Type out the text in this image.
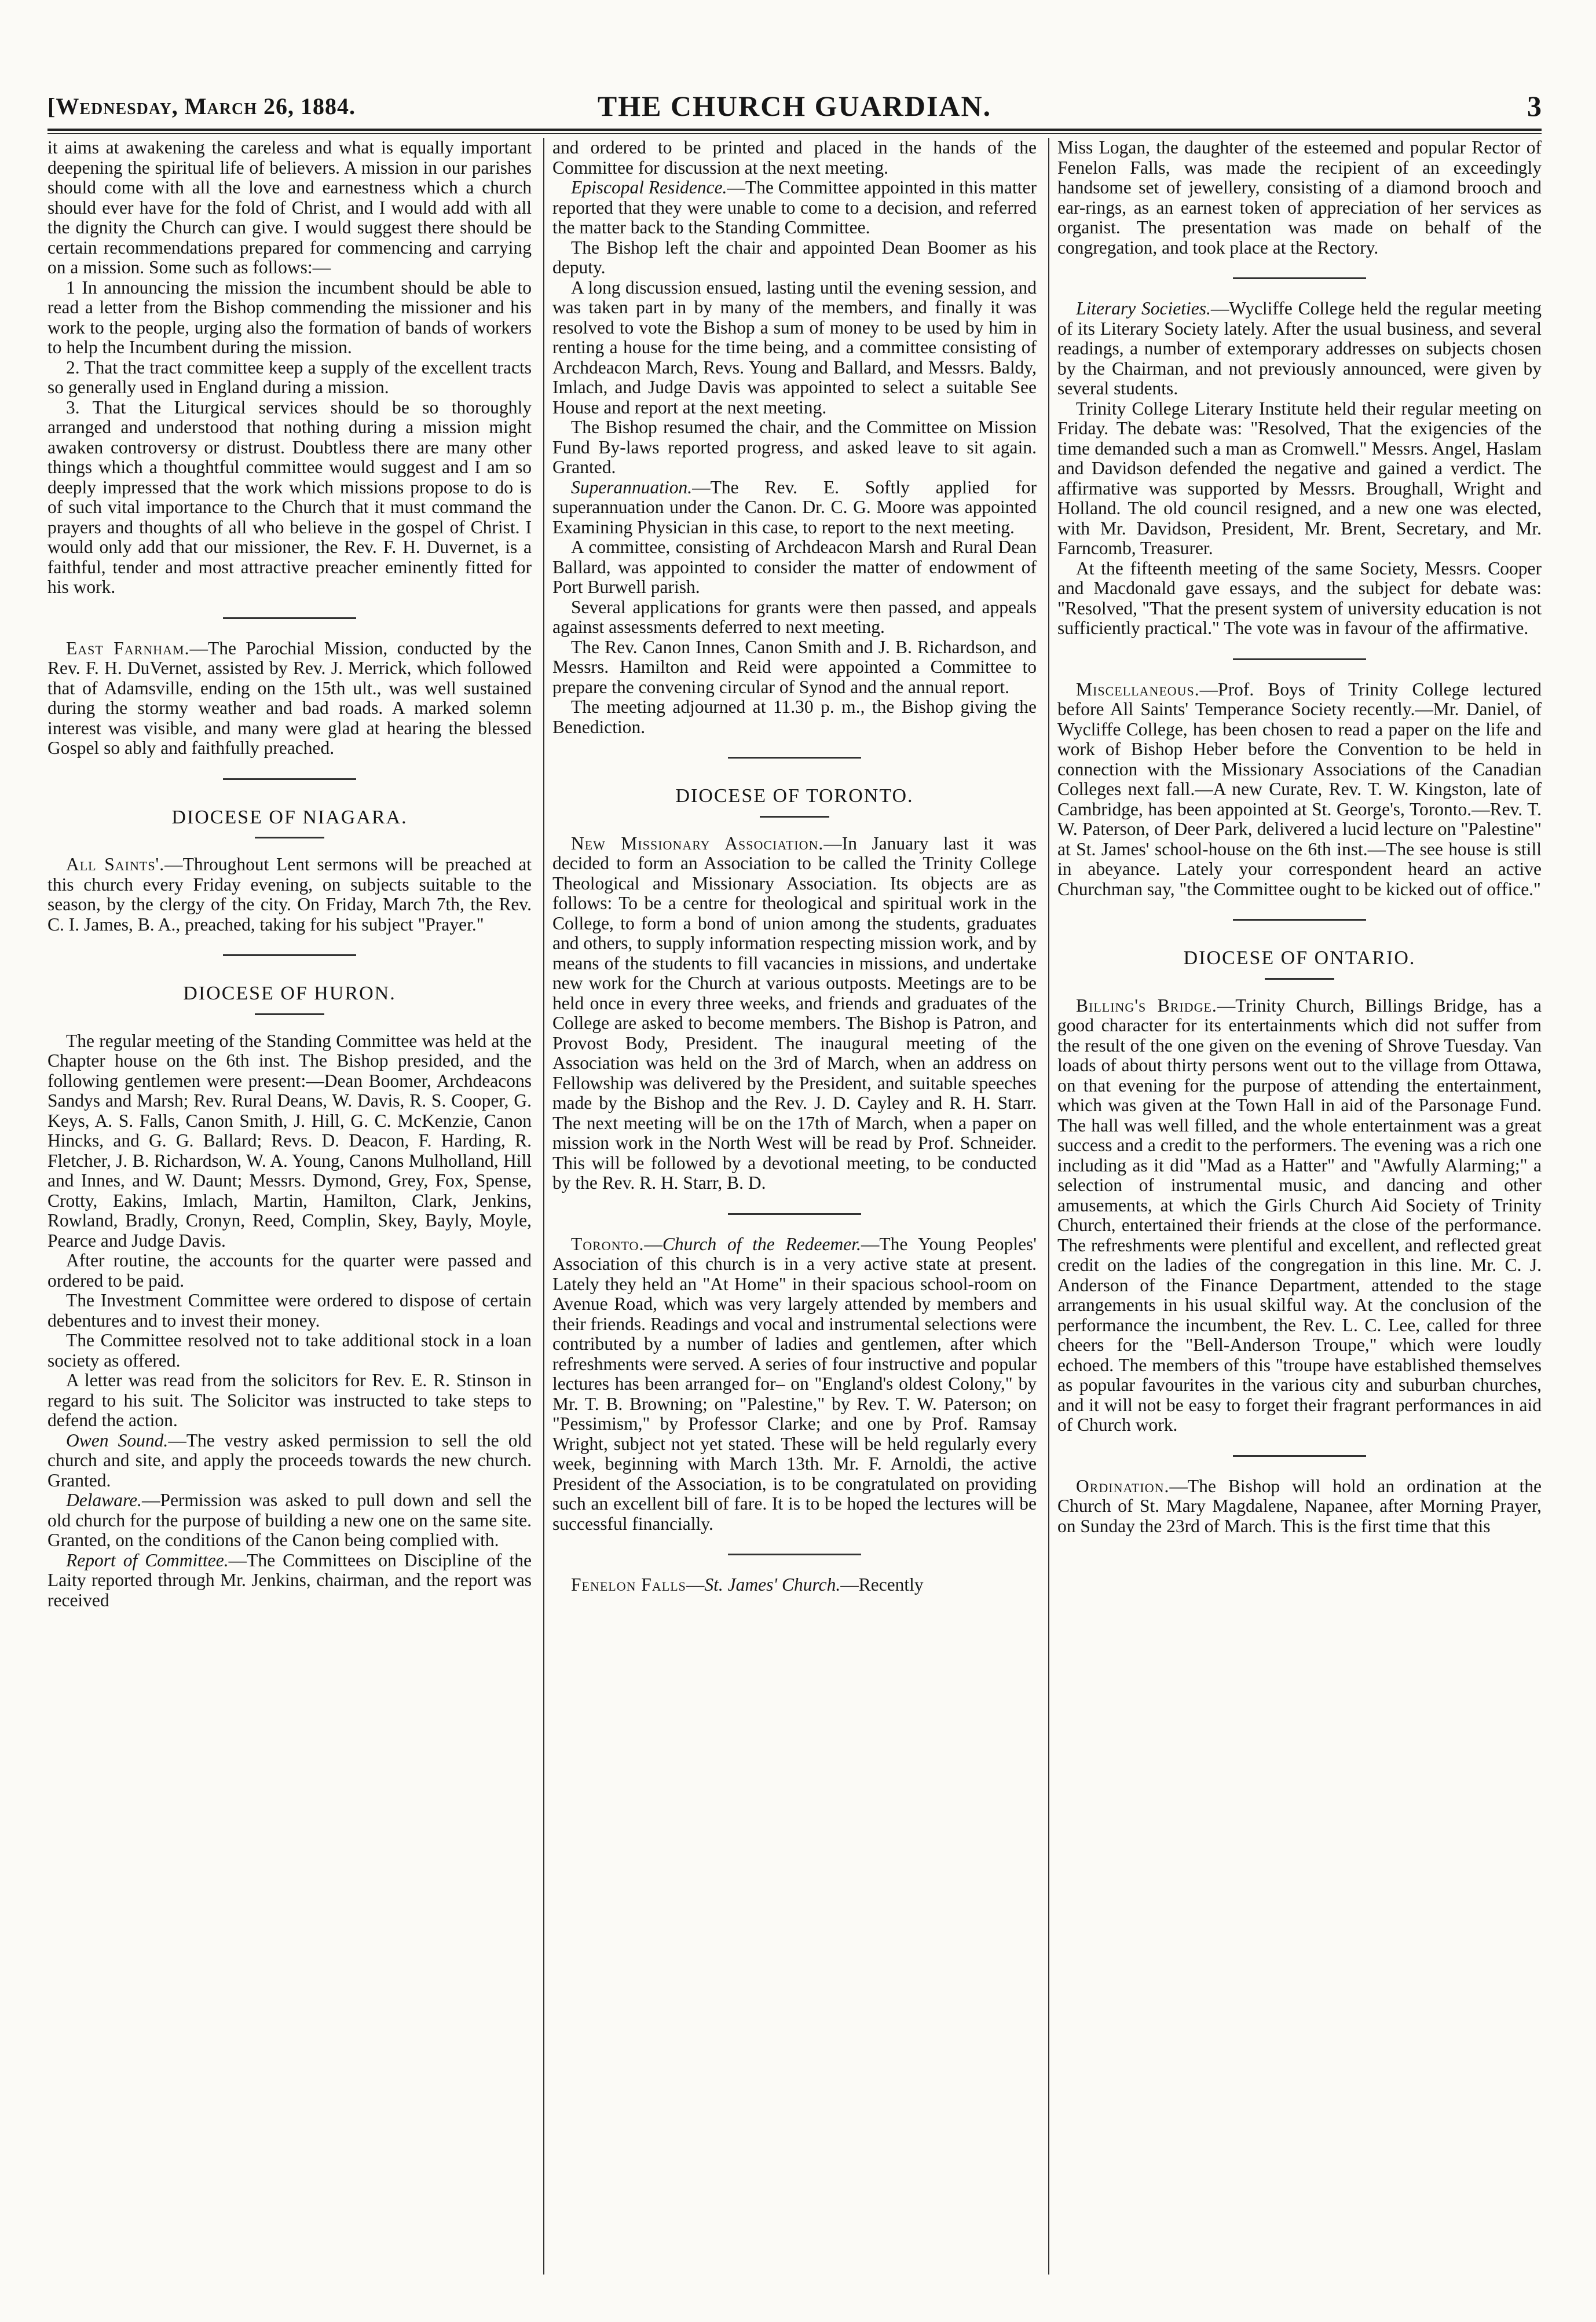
[Wednesday, March 26, 1884.	THE CHURCH GUARDIAN.	3

it aims at awakening the careless and what is equally important deepening the spiritual life of believers. A mission in our parishes should come with all the love and earnestness which a church should ever have for the fold of Christ, and I would add with all the dignity the Church can give. I would suggest there should be certain recommendations prepared for commencing and carrying on a mission. Some such as follows:—

1 In announcing the mission the incumbent should be able to read a letter from the Bishop commending the missioner and his work to the people, urging also the formation of bands of workers to help the Incumbent during the mission.

2. That the tract committee keep a supply of the excellent tracts so generally used in England during a mission.

3. That the Liturgical services should be so thoroughly arranged and understood that nothing during a mission might awaken controversy or distrust. Doubtless there are many other things which a thoughtful committee would suggest and I am so deeply impressed that the work which missions propose to do is of such vital importance to the Church that it must command the prayers and thoughts of all who believe in the gospel of Christ. I would only add that our missioner, the Rev. F. H. Duvernet, is a faithful, tender and most attractive preacher eminently fitted for his work.

East Farnham.—The Parochial Mission, conducted by the Rev. F. H. DuVernet, assisted by Rev. J. Merrick, which followed that of Adamsville, ending on the 15th ult., was well sustained during the stormy weather and bad roads. A marked solemn interest was visible, and many were glad at hearing the blessed Gospel so ably and faithfully preached.

DIOCESE OF NIAGARA.

All Saints'.—Throughout Lent sermons will be preached at this church every Friday evening, on subjects suitable to the season, by the clergy of the city. On Friday, March 7th, the Rev. C. I. James, B. A., preached, taking for his subject "Prayer."

DIOCESE OF HURON.

The regular meeting of the Standing Committee was held at the Chapter house on the 6th inst. The Bishop presided, and the following gentlemen were present:—Dean Boomer, Archdeacons Sandys and Marsh; Rev. Rural Deans, W. Davis, R. S. Cooper, G. Keys, A. S. Falls, Canon Smith, J. Hill, G. C. McKenzie, Canon Hincks, and G. G. Ballard; Revs. D. Deacon, F. Harding, R. Fletcher, J. B. Richardson, W. A. Young, Canons Mulholland, Hill and Innes, and W. Daunt; Messrs. Dymond, Grey, Fox, Spense, Crotty, Eakins, Imlach, Martin, Hamilton, Clark, Jenkins, Rowland, Bradly, Cronyn, Reed, Complin, Skey, Bayly, Moyle, Pearce and Judge Davis.

After routine, the accounts for the quarter were passed and ordered to be paid.

The Investment Committee were ordered to dispose of certain debentures and to invest their money.

The Committee resolved not to take additional stock in a loan society as offered.

A letter was read from the solicitors for Rev. E. R. Stinson in regard to his suit. The Solicitor was instructed to take steps to defend the action.

Owen Sound.—The vestry asked permission to sell the old church and site, and apply the proceeds towards the new church. Granted.

Delaware.—Permission was asked to pull down and sell the old church for the purpose of building a new one on the same site. Granted, on the conditions of the Canon being complied with.

Report of Committee.—The Committees on Discipline of the Laity reported through Mr. Jenkins, chairman, and the report was received

and ordered to be printed and placed in the hands of the Committee for discussion at the next meeting.

Episcopal Residence.—The Committee appointed in this matter reported that they were unable to come to a decision, and referred the matter back to the Standing Committee.

The Bishop left the chair and appointed Dean Boomer as his deputy.

A long discussion ensued, lasting until the evening session, and was taken part in by many of the members, and finally it was resolved to vote the Bishop a sum of money to be used by him in renting a house for the time being, and a committee consisting of Archdeacon March, Revs. Young and Ballard, and Messrs. Baldy, Imlach, and Judge Davis was appointed to select a suitable See House and report at the next meeting.

The Bishop resumed the chair, and the Committee on Mission Fund By-laws reported progress, and asked leave to sit again. Granted.

Superannuation.—The Rev. E. Softly applied for superannuation under the Canon. Dr. C. G. Moore was appointed Examining Physician in this case, to report to the next meeting.

A committee, consisting of Archdeacon Marsh and Rural Dean Ballard, was appointed to consider the matter of endowment of Port Burwell parish.

Several applications for grants were then passed, and appeals against assessments deferred to next meeting.

The Rev. Canon Innes, Canon Smith and J. B. Richardson, and Messrs. Hamilton and Reid were appointed a Committee to prepare the convening circular of Synod and the annual report.

The meeting adjourned at 11.30 p. m., the Bishop giving the Benediction.

DIOCESE OF TORONTO.

New Missionary Association.—In January last it was decided to form an Association to be called the Trinity College Theological and Missionary Association. Its objects are as follows: To be a centre for theological and spiritual work in the College, to form a bond of union among the students, graduates and others, to supply information respecting mission work, and by means of the students to fill vacancies in missions, and undertake new work for the Church at various outposts. Meetings are to be held once in every three weeks, and friends and graduates of the College are asked to become members. The Bishop is Patron, and Provost Body, President. The inaugural meeting of the Association was held on the 3rd of March, when an address on Fellowship was delivered by the President, and suitable speeches made by the Bishop and the Rev. J. D. Cayley and R. H. Starr. The next meeting will be on the 17th of March, when a paper on mission work in the North West will be read by Prof. Schneider. This will be followed by a devotional meeting, to be conducted by the Rev. R. H. Starr, B. D.

Toronto.—Church of the Redeemer.—The Young Peoples' Association of this church is in a very active state at present. Lately they held an "At Home" in their spacious school-room on Avenue Road, which was very largely attended by members and their friends. Readings and vocal and instrumental selections were contributed by a number of ladies and gentlemen, after which refreshments were served. A series of four instructive and popular lectures has been arranged for– on "England's oldest Colony," by Mr. T. B. Browning; on "Palestine," by Rev. T. W. Paterson; on "Pessimism," by Professor Clarke; and one by Prof. Ramsay Wright, subject not yet stated. These will be held regularly every week, beginning with March 13th. Mr. F. Arnoldi, the active President of the Association, is to be congratulated on providing such an excellent bill of fare. It is to be hoped the lectures will be successful financially.

Fenelon Falls—St. James' Church.—Recently

Miss Logan, the daughter of the esteemed and popular Rector of Fenelon Falls, was made the recipient of an exceedingly handsome set of jewellery, consisting of a diamond brooch and ear-rings, as an earnest token of appreciation of her services as organist. The presentation was made on behalf of the congregation, and took place at the Rectory.

Literary Societies.—Wycliffe College held the regular meeting of its Literary Society lately. After the usual business, and several readings, a number of extemporary addresses on subjects chosen by the Chairman, and not previously announced, were given by several students.

Trinity College Literary Institute held their regular meeting on Friday. The debate was: "Resolved, That the exigencies of the time demanded such a man as Cromwell." Messrs. Angel, Haslam and Davidson defended the negative and gained a verdict. The affirmative was supported by Messrs. Broughall, Wright and Holland. The old council resigned, and a new one was elected, with Mr. Davidson, President, Mr. Brent, Secretary, and Mr. Farncomb, Treasurer.

At the fifteenth meeting of the same Society, Messrs. Cooper and Macdonald gave essays, and the subject for debate was: "Resolved, "That the present system of university education is not sufficiently practical." The vote was in favour of the affirmative.

Miscellaneous.—Prof. Boys of Trinity College lectured before All Saints' Temperance Society recently.—Mr. Daniel, of Wycliffe College, has been chosen to read a paper on the life and work of Bishop Heber before the Convention to be held in connection with the Missionary Associations of the Canadian Colleges next fall.—A new Curate, Rev. T. W. Kingston, late of Cambridge, has been appointed at St. George's, Toronto.—Rev. T. W. Paterson, of Deer Park, delivered a lucid lecture on "Palestine" at St. James' school-house on the 6th inst.—The see house is still in abeyance. Lately your correspondent heard an active Churchman say, "the Committee ought to be kicked out of office."

DIOCESE OF ONTARIO.

Billing's Bridge.—Trinity Church, Billings Bridge, has a good character for its entertainments which did not suffer from the result of the one given on the evening of Shrove Tuesday. Van loads of about thirty persons went out to the village from Ottawa, on that evening for the purpose of attending the entertainment, which was given at the Town Hall in aid of the Parsonage Fund. The hall was well filled, and the whole entertainment was a great success and a credit to the performers. The evening was a rich one including as it did "Mad as a Hatter" and "Awfully Alarming;" a selection of instrumental music, and dancing and other amusements, at which the Girls Church Aid Society of Trinity Church, entertained their friends at the close of the performance. The refreshments were plentiful and excellent, and reflected great credit on the ladies of the congregation in this line. Mr. C. J. Anderson of the Finance Department, attended to the stage arrangements in his usual skilful way. At the conclusion of the performance the incumbent, the Rev. L. C. Lee, called for three cheers for the "Bell-Anderson Troupe," which were loudly echoed. The members of this "troupe have established themselves as popular favourites in the various city and suburban churches, and it will not be easy to forget their fragrant performances in aid of Church work.

Ordination.—The Bishop will hold an ordination at the Church of St. Mary Magdalene, Napanee, after Morning Prayer, on Sunday the 23rd of March. This is the first time that this
